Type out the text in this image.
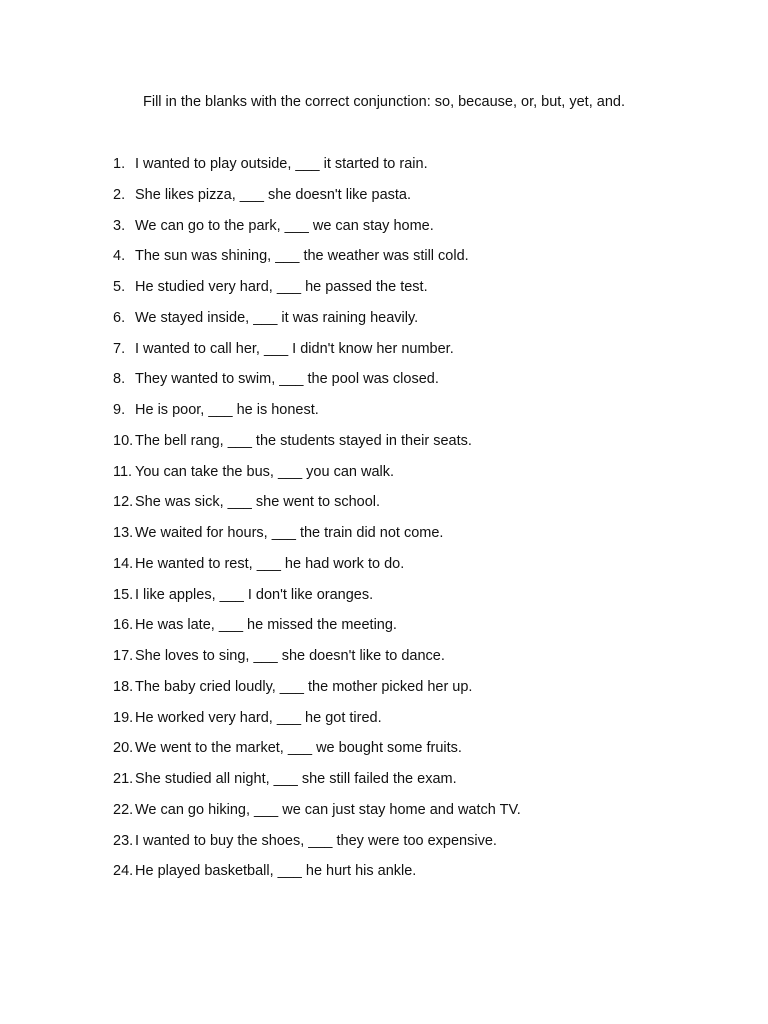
Fill in the blanks with the correct conjunction: so, because, or, but, yet, and.
1. I wanted to play outside, ___ it started to rain.
2. She likes pizza, ___ she doesn't like pasta.
3. We can go to the park, ___ we can stay home.
4. The sun was shining, ___ the weather was still cold.
5. He studied very hard, ___ he passed the test.
6. We stayed inside, ___ it was raining heavily.
7. I wanted to call her, ___ I didn't know her number.
8. They wanted to swim, ___ the pool was closed.
9. He is poor, ___ he is honest.
10. The bell rang, ___ the students stayed in their seats.
11. You can take the bus, ___ you can walk.
12. She was sick, ___ she went to school.
13. We waited for hours, ___ the train did not come.
14. He wanted to rest, ___ he had work to do.
15. I like apples, ___ I don't like oranges.
16. He was late, ___ he missed the meeting.
17. She loves to sing, ___ she doesn't like to dance.
18. The baby cried loudly, ___ the mother picked her up.
19. He worked very hard, ___ he got tired.
20. We went to the market, ___ we bought some fruits.
21. She studied all night, ___ she still failed the exam.
22. We can go hiking, ___ we can just stay home and watch TV.
23. I wanted to buy the shoes, ___ they were too expensive.
24. He played basketball, ___ he hurt his ankle.
